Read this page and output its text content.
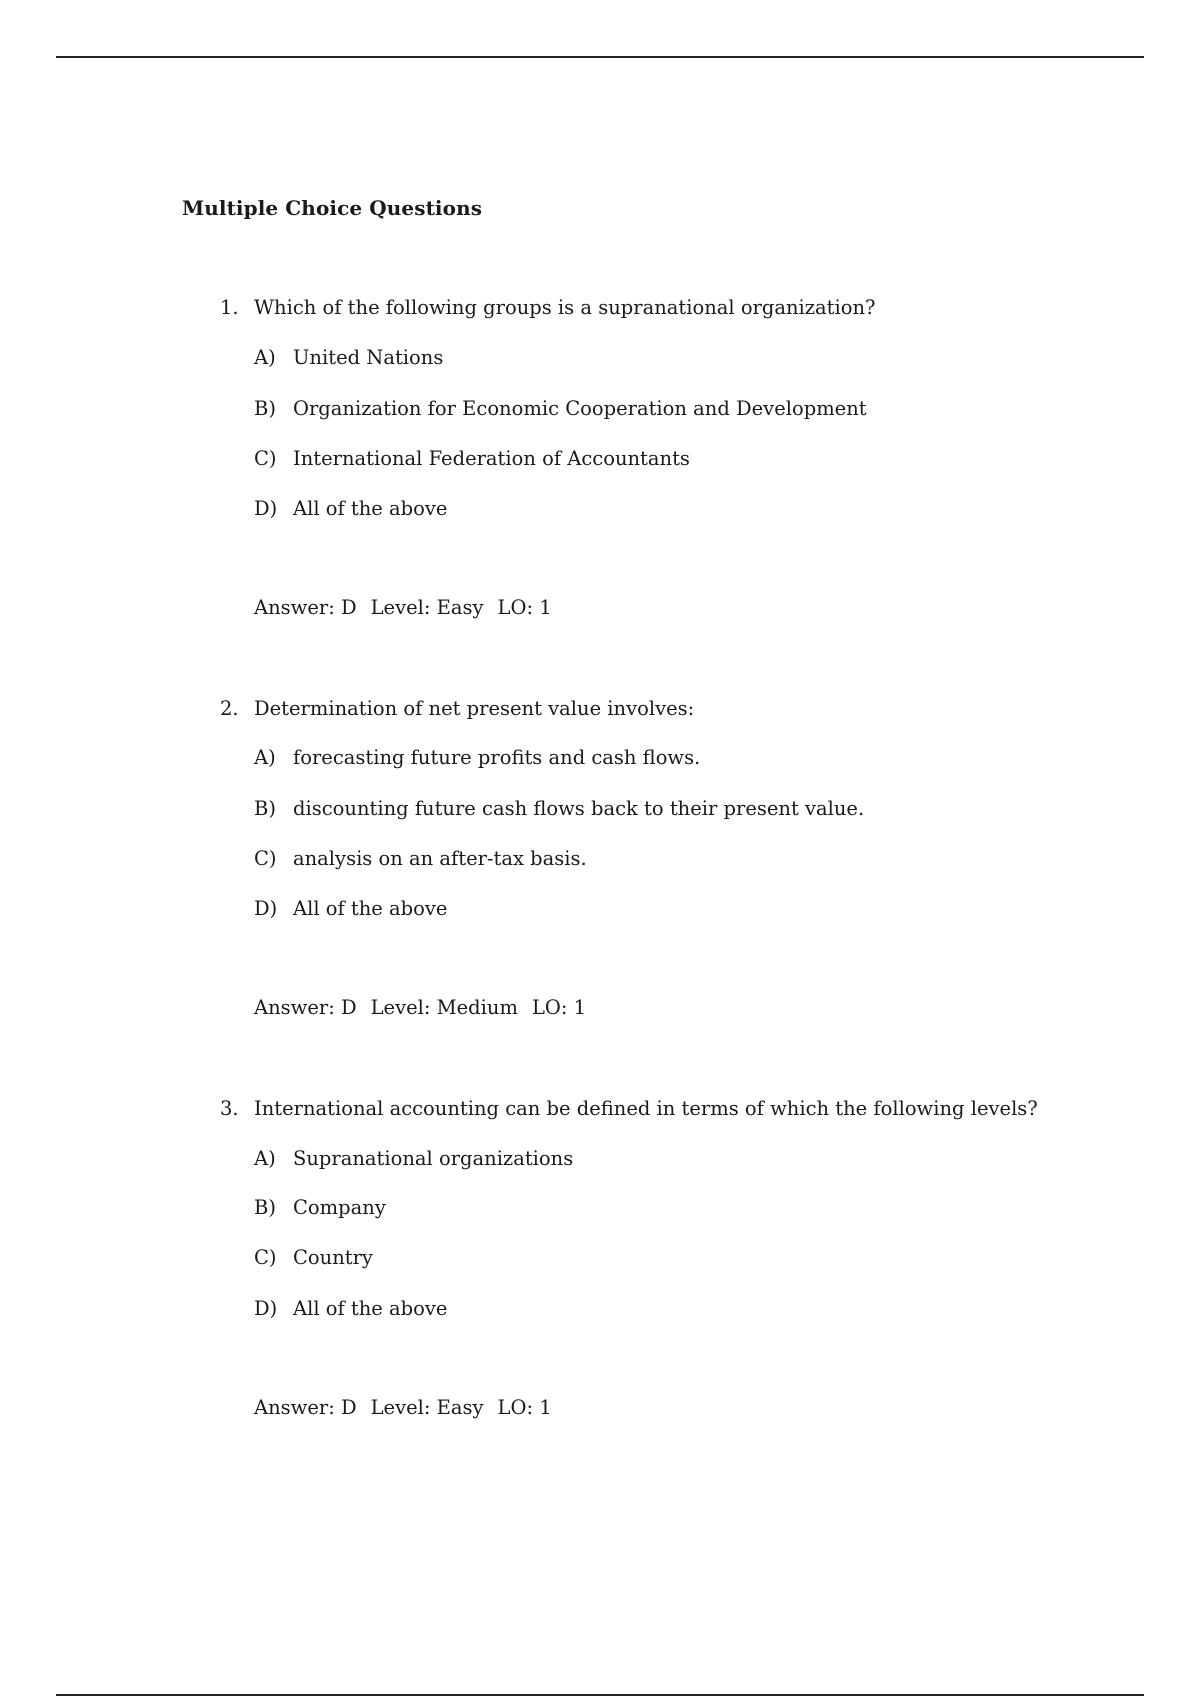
Multiple Choice Questions
1. Which of the following groups is a supranational organization?
A) United Nations
B) Organization for Economic Cooperation and Development
C) International Federation of Accountants
D) All of the above
Answer: D Level: Easy LO: 1
2. Determination of net present value involves:
A) forecasting future profits and cash flows.
B) discounting future cash flows back to their present value.
C) analysis on an after-tax basis.
D) All of the above
Answer: D Level: Medium LO: 1
3. International accounting can be defined in terms of which the following levels?
A) Supranational organizations
B) Company
C) Country
D) All of the above
Answer: D Level: Easy LO: 1
